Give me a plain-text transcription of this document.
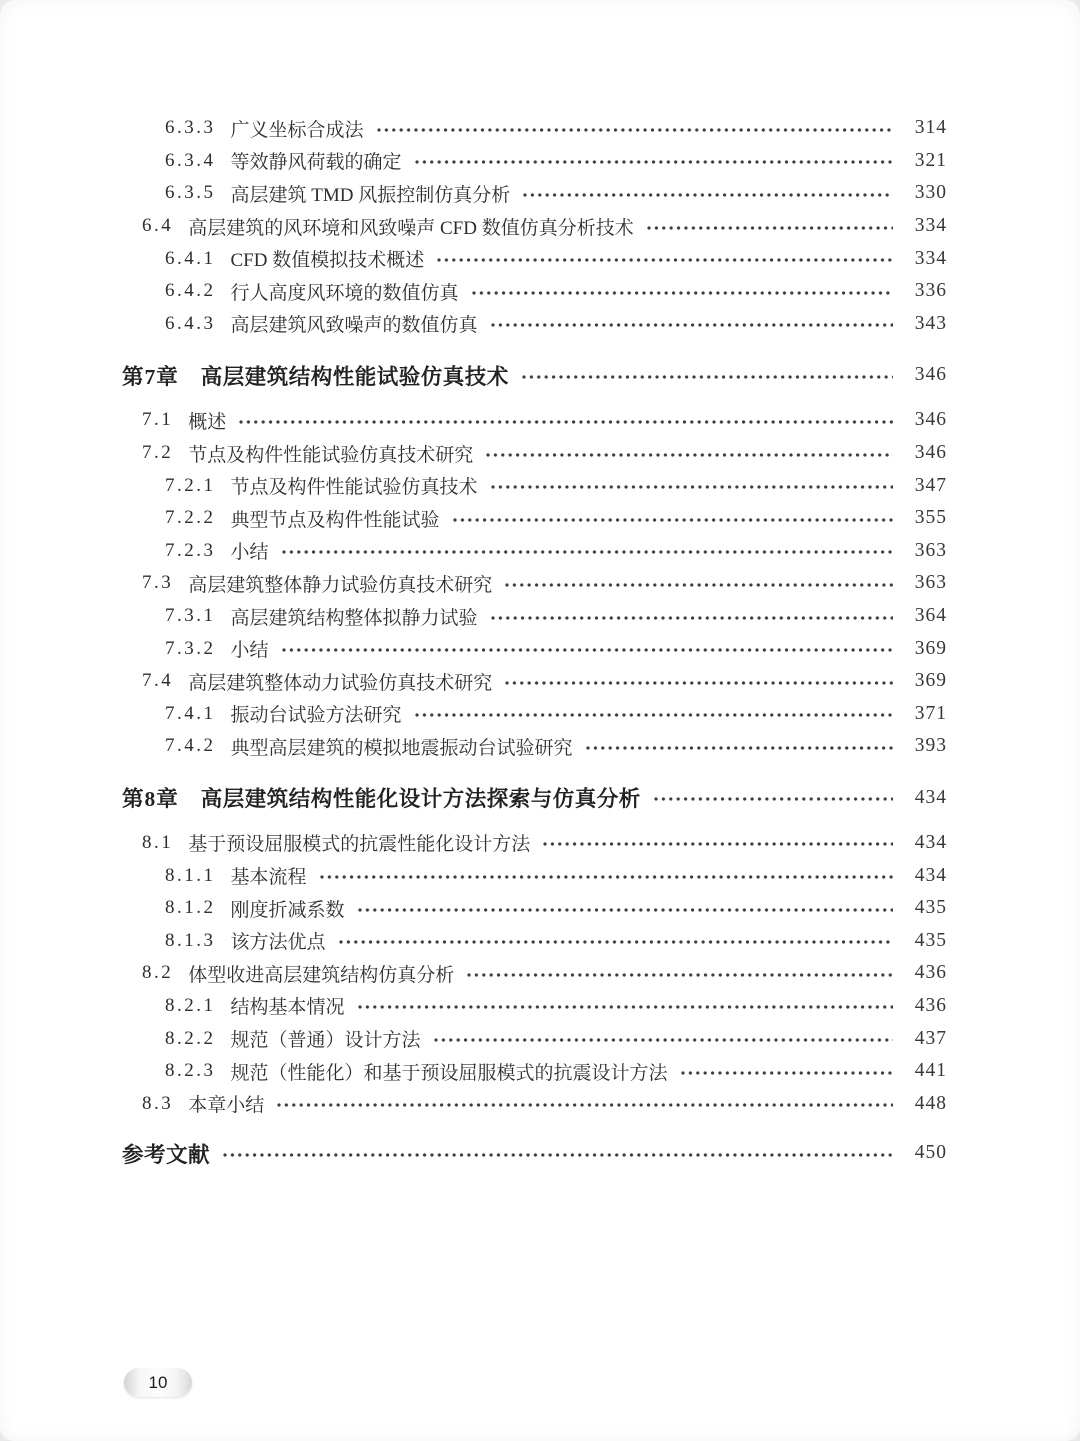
6.3.3 广义坐标合成法	314
6.3.4 等效静风荷载的确定	321
6.3.5 高层建筑 TMD 风振控制仿真分析	330
6.4 高层建筑的风环境和风致噪声 CFD 数值仿真分析技术	334
6.4.1 CFD 数值模拟技术概述	334
6.4.2 行人高度风环境的数值仿真	336
6.4.3 高层建筑风致噪声的数值仿真	343
第7章 高层建筑结构性能试验仿真技术	346
7.1 概述	346
7.2 节点及构件性能试验仿真技术研究	346
7.2.1 节点及构件性能试验仿真技术	347
7.2.2 典型节点及构件性能试验	355
7.2.3 小结	363
7.3 高层建筑整体静力试验仿真技术研究	363
7.3.1 高层建筑结构整体拟静力试验	364
7.3.2 小结	369
7.4 高层建筑整体动力试验仿真技术研究	369
7.4.1 振动台试验方法研究	371
7.4.2 典型高层建筑的模拟地震振动台试验研究	393
第8章 高层建筑结构性能化设计方法探索与仿真分析	434
8.1 基于预设屈服模式的抗震性能化设计方法	434
8.1.1 基本流程	434
8.1.2 刚度折减系数	435
8.1.3 该方法优点	435
8.2 体型收进高层建筑结构仿真分析	436
8.2.1 结构基本情况	436
8.2.2 规范（普通）设计方法	437
8.2.3 规范（性能化）和基于预设屈服模式的抗震设计方法	441
8.3 本章小结	448
参考文献	450
10
